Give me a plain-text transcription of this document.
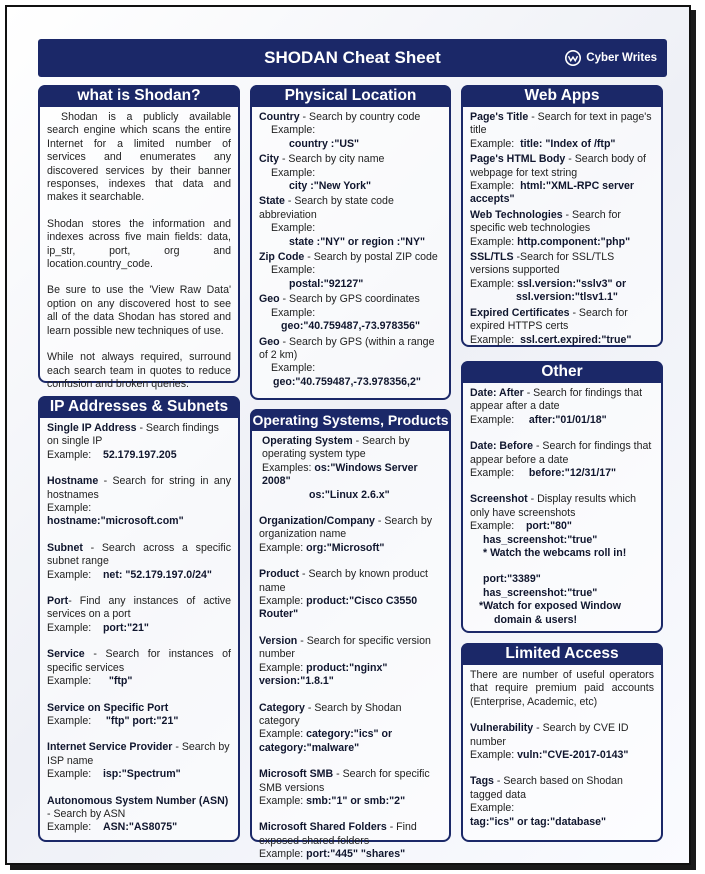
SHODAN Cheat Sheet	Cyber Writes
what is Shodan?
Shodan is a publicly available search engine which scans the entire Internet for a limited number of services and enumerates any discovered services by their banner responses, indexes that data and makes it searchable.
Shodan stores the information and indexes across five main fields: data, ip_str, port, org and location.country_code.
Be sure to use the 'View Raw Data' option on any discovered host to see all of the data Shodan has stored and learn possible new techniques of use.
While not always required, surround each search team in quotes to reduce confusion and broken queries.
IP Addresses & Subnets
Single IP Address - Search findings on single IP
Example: 52.179.197.205
Hostname - Search for string in any hostnames
Example:
hostname:"microsoft.com"
Subnet - Search across a specific subnet range
Example: net: "52.179.197.0/24"
Port- Find any instances of active services on a port
Example: port:"21"
Service - Search for instances of specific services
Example: "ftp"
Service on Specific Port
Example: "ftp" port:"21"
Internet Service Provider - Search by ISP name
Example: isp:"Spectrum"
Autonomous System Number (ASN) - Search by ASN
Example: ASN:"AS8075"
Physical Location
Country - Search by country code

Example:
country :"US"
City - Search by city name

Example:
city :"New York"
State - Search by state code abbreviation

Example:
state :"NY" or region :"NY"
Zip Code - Search by postal ZIP code

Example:
postal:"92127"
Geo - Search by GPS coordinates

Example:
geo:"40.759487,-73.978356"
Geo - Search by GPS (within a range of 2 km)

Example:
geo:"40.759487,-73.978356,2"
Operating Systems, Products
Operating System - Search by operating system type
Examples: os:"Windows Server 2008"
os:"Linux 2.6.x"
Organization/Company - Search by organization name
Example: org:"Microsoft"
Product - Search by known product name
Example: product:"Cisco C3550 Router"
Version - Search for specific version number
Example: product:"nginx" version:"1.8.1"
Category - Search by Shodan category
Example: category:"ics" or category:"malware"
Microsoft SMB - Search for specific SMB versions
Example: smb:"1" or smb:"2"
Microsoft Shared Folders - Find exposed shared folders
Example: port:"445" "shares"
Web Apps
Page's Title - Search for text in page's title
Example: title: "Index of /ftp"
Page's HTML Body - Search body of webpage for text string
Example: html:"XML-RPC server accepts"
Web Technologies - Search for specific web technologies
Example: http.component:"php"
SSL/TLS -Search for SSL/TLS versions supported
Example: ssl.version:"sslv3" or
ssl.version:"tlsv1.1"
Expired Certificates - Search for expired HTTPS certs
Example: ssl.cert.expired:"true"
Other
Date: After - Search for findings that appear after a date
Example: after:"01/01/18"
Date: Before - Search for findings that appear before a date
Example: before:"12/31/17"
Screenshot - Display results which only have screenshots
Example: port:"80"
has_screenshot:"true"
* Watch the webcams roll in!
port:"3389"
has_screenshot:"true"
*Watch for exposed Window
domain & users!
Limited Access
There are number of useful operators that require premium paid accounts (Enterprise, Academic, etc)
Vulnerability - Search by CVE ID number
Example: vuln:"CVE-2017-0143"
Tags - Search based on Shodan tagged data
Example:
tag:"ics" or tag:"database"
